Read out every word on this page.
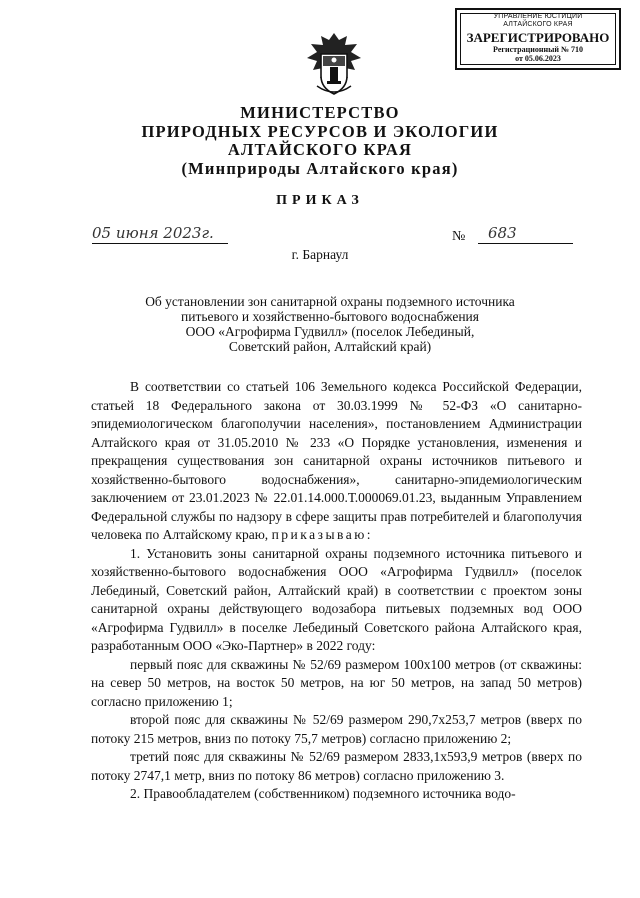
УПРАВЛЕНИЕ ЮСТИЦИИ
АЛТАЙСКОГО КРАЯ
ЗАРЕГИСТРИРОВАНО
Регистрационный № 710
от 05.06.2023
МИНИСТЕРСТВО
ПРИРОДНЫХ РЕСУРСОВ И ЭКОЛОГИИ
АЛТАЙСКОГО КРАЯ
(Минприроды Алтайского края)
ПРИКАЗ
05 июня 2023г.	№ 683
г. Барнаул
Об установлении зон санитарной охраны подземного источника
питьевого и хозяйственно-бытового водоснабжения
ООО «Агрофирма Гудвилл» (поселок Лебединый,
Советский район, Алтайский край)
В соответствии со статьей 106 Земельного кодекса Российской Федерации, статьей 18 Федерального закона от 30.03.1999 № 52-ФЗ «О санитарно-эпидемиологическом благополучии населения», постановлением Администрации Алтайского края от 31.05.2010 № 233 «О Порядке установления, изменения и прекращения существования зон санитарной охраны источников питьевого и хозяйственно-бытового водоснабжения», санитарно-эпидемиологическим заключением от 23.01.2023 № 22.01.14.000.Т.000069.01.23, выданным Управлением Федеральной службы по надзору в сфере защиты прав потребителей и благополучия человека по Алтайскому краю, приказываю:
1. Установить зоны санитарной охраны подземного источника питьевого и хозяйственно-бытового водоснабжения ООО «Агрофирма Гудвилл» (поселок Лебединый, Советский район, Алтайский край) в соответствии с проектом зоны санитарной охраны действующего водозабора питьевых подземных вод ООО «Агрофирма Гудвилл» в поселке Лебединый Советского района Алтайского края, разработанным ООО «Эко-Партнер» в 2022 году:
первый пояс для скважины № 52/69 размером 100х100 метров (от скважины: на север 50 метров, на восток 50 метров, на юг 50 метров, на запад 50 метров) согласно приложению 1;
второй пояс для скважины № 52/69 размером 290,7х253,7 метров (вверх по потоку 215 метров, вниз по потоку 75,7 метров) согласно приложению 2;
третий пояс для скважины № 52/69 размером 2833,1х593,9 метров (вверх по потоку 2747,1 метр, вниз по потоку 86 метров) согласно приложению 3.
2. Правообладателем (собственником) подземного источника водо-
